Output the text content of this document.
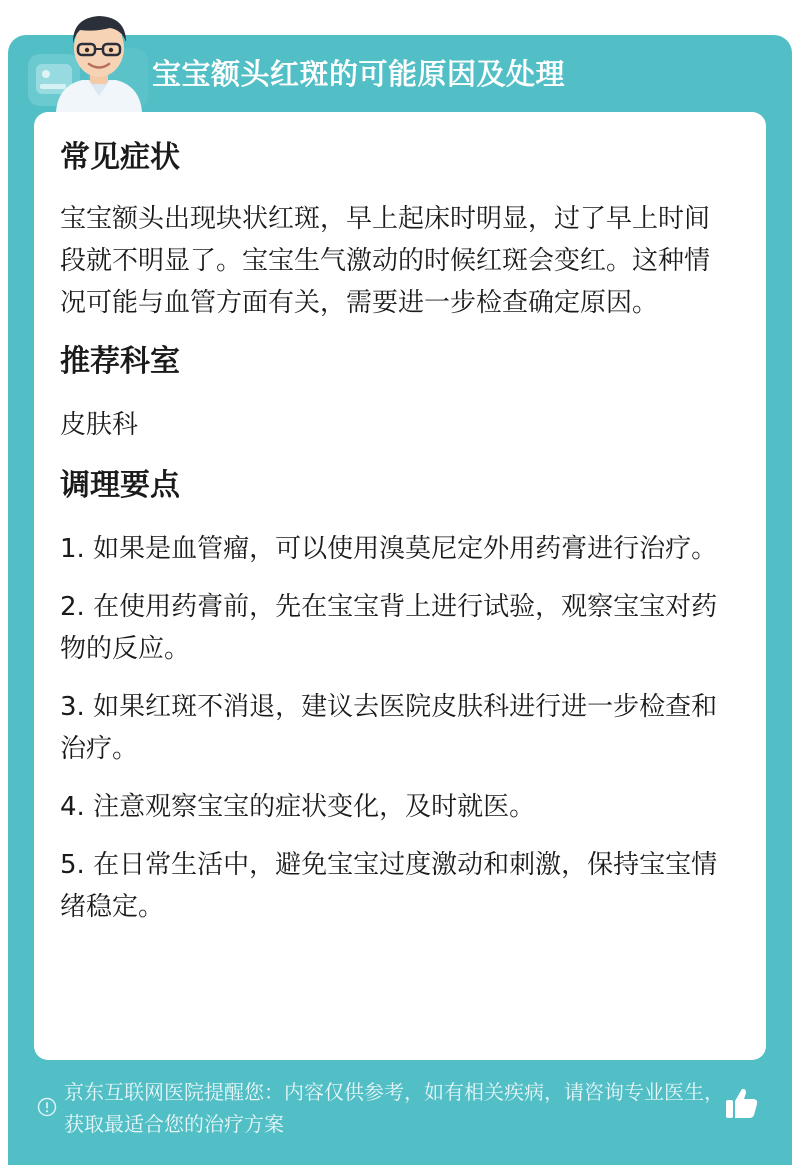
宝宝额头红斑的可能原因及处理
常见症状

宝宝额头出现块状红斑，早上起床时明显，过了早上时间段就不明显了。宝宝生气激动的时候红斑会变红。这种情况可能与血管方面有关，需要进一步检查确定原因。

推荐科室

皮肤科

调理要点

1. 如果是血管瘤，可以使用溴莫尼定外用药膏进行治疗。

2. 在使用药膏前，先在宝宝背上进行试验，观察宝宝对药物的反应。

3. 如果红斑不消退，建议去医院皮肤科进行进一步检查和治疗。

4. 注意观察宝宝的症状变化，及时就医。

5. 在日常生活中，避免宝宝过度激动和刺激，保持宝宝情绪稳定。

京东互联网医院提醒您：内容仅供参考，如有相关疾病，请咨询专业医生，获取最适合您的治疗方案
